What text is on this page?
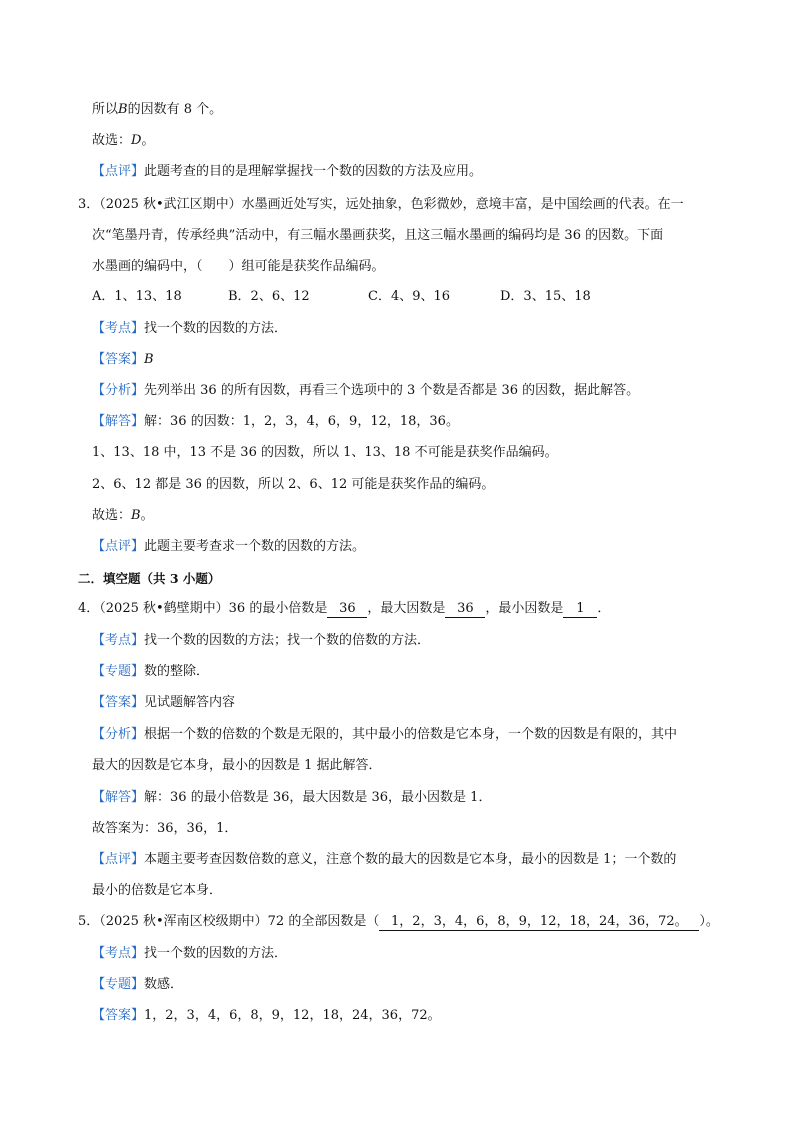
所以B的因数有 8 个。
故选：D。
【点评】此题考查的目的是理解掌握找一个数的因数的方法及应用。
3．（2025 秋•武江区期中）水墨画近处写实，远处抽象，色彩微妙，意境丰富，是中国绘画的代表。在一
次“笔墨丹青，传承经典”活动中，有三幅水墨画获奖，且这三幅水墨画的编码均是 36 的因数。下面
水墨画的编码中，（　　）组可能是获奖作品编码。
A．1、13、18	B．2、6、12	C．4、9、16	D．3、15、18
【考点】找一个数的因数的方法．
【答案】B
【分析】先列举出 36 的所有因数，再看三个选项中的 3 个数是否都是 36 的因数，据此解答。
【解答】解：36 的因数：1，2，3，4，6，9，12，18，36。
1、13、18 中，13 不是 36 的因数，所以 1、13、18 不可能是获奖作品编码。
2、6、12 都是 36 的因数，所以 2、6、12 可能是获奖作品的编码。
故选：B。
【点评】此题主要考查求一个数的因数的方法。
二．填空题（共 3 小题）
4．（2025 秋•鹤壁期中）36 的最小倍数是 36 ，最大因数是 36 ，最小因数是 1 ．
【考点】找一个数的因数的方法；找一个数的倍数的方法．
【专题】数的整除．
【答案】见试题解答内容
【分析】根据一个数的倍数的个数是无限的，其中最小的倍数是它本身，一个数的因数是有限的，其中
最大的因数是它本身，最小的因数是 1 据此解答．
【解答】解：36 的最小倍数是 36，最大因数是 36，最小因数是 1．
故答案为：36，36，1．
【点评】本题主要考查因数倍数的意义，注意个数的最大的因数是它本身，最小的因数是 1；一个数的
最小的倍数是它本身．
5．（2025 秋•浑南区校级期中）72 的全部因数是（ 1，2，3，4，6，8，9，12，18，24，36，72。 ）。
【考点】找一个数的因数的方法．
【专题】数感．
【答案】1，2，3，4，6，8，9，12，18，24，36，72。
